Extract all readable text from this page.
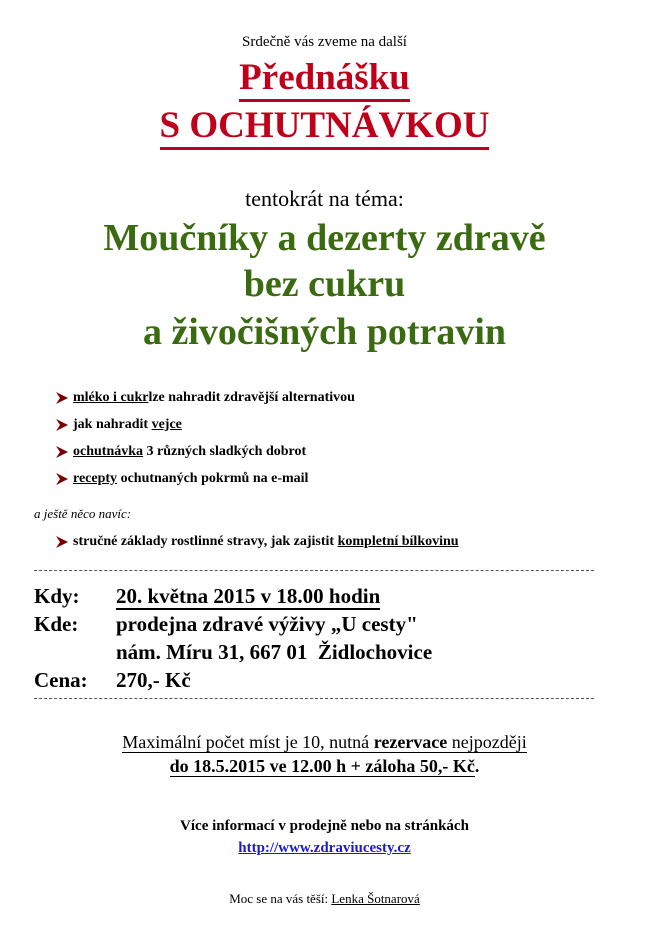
Srdečně vás zveme na další
Přednášku
S OCHUTNÁVKOU
tentokrát na téma:
Moučníky a dezerty zdravě
bez cukru
a živočišných potravin
mléko i cukr lze nahradit zdravější alternativou
jak nahradit vejce
ochutnávka 3 různých sladkých dobrot
recepty ochutnaných pokrmů na e-mail
a ještě něco navíc:
stručné základy rostlinné stravy, jak zajistit kompletní bílkovinu
Kdy:	20. května 2015 v 18.00 hodin
Kde:	prodejna zdravé výživy „U cesty"
nám. Míru 31, 667 01  Židlochovice
Cena:	270,- Kč
Maximální počet míst je 10, nutná rezervace nejpozději
do 18.5.2015 ve 12.00 h + záloha 50,- Kč.
Více informací v prodejně nebo na stránkách
http://www.zdraviucesty.cz
Moc se na vás těší: Lenka Šotnarová
